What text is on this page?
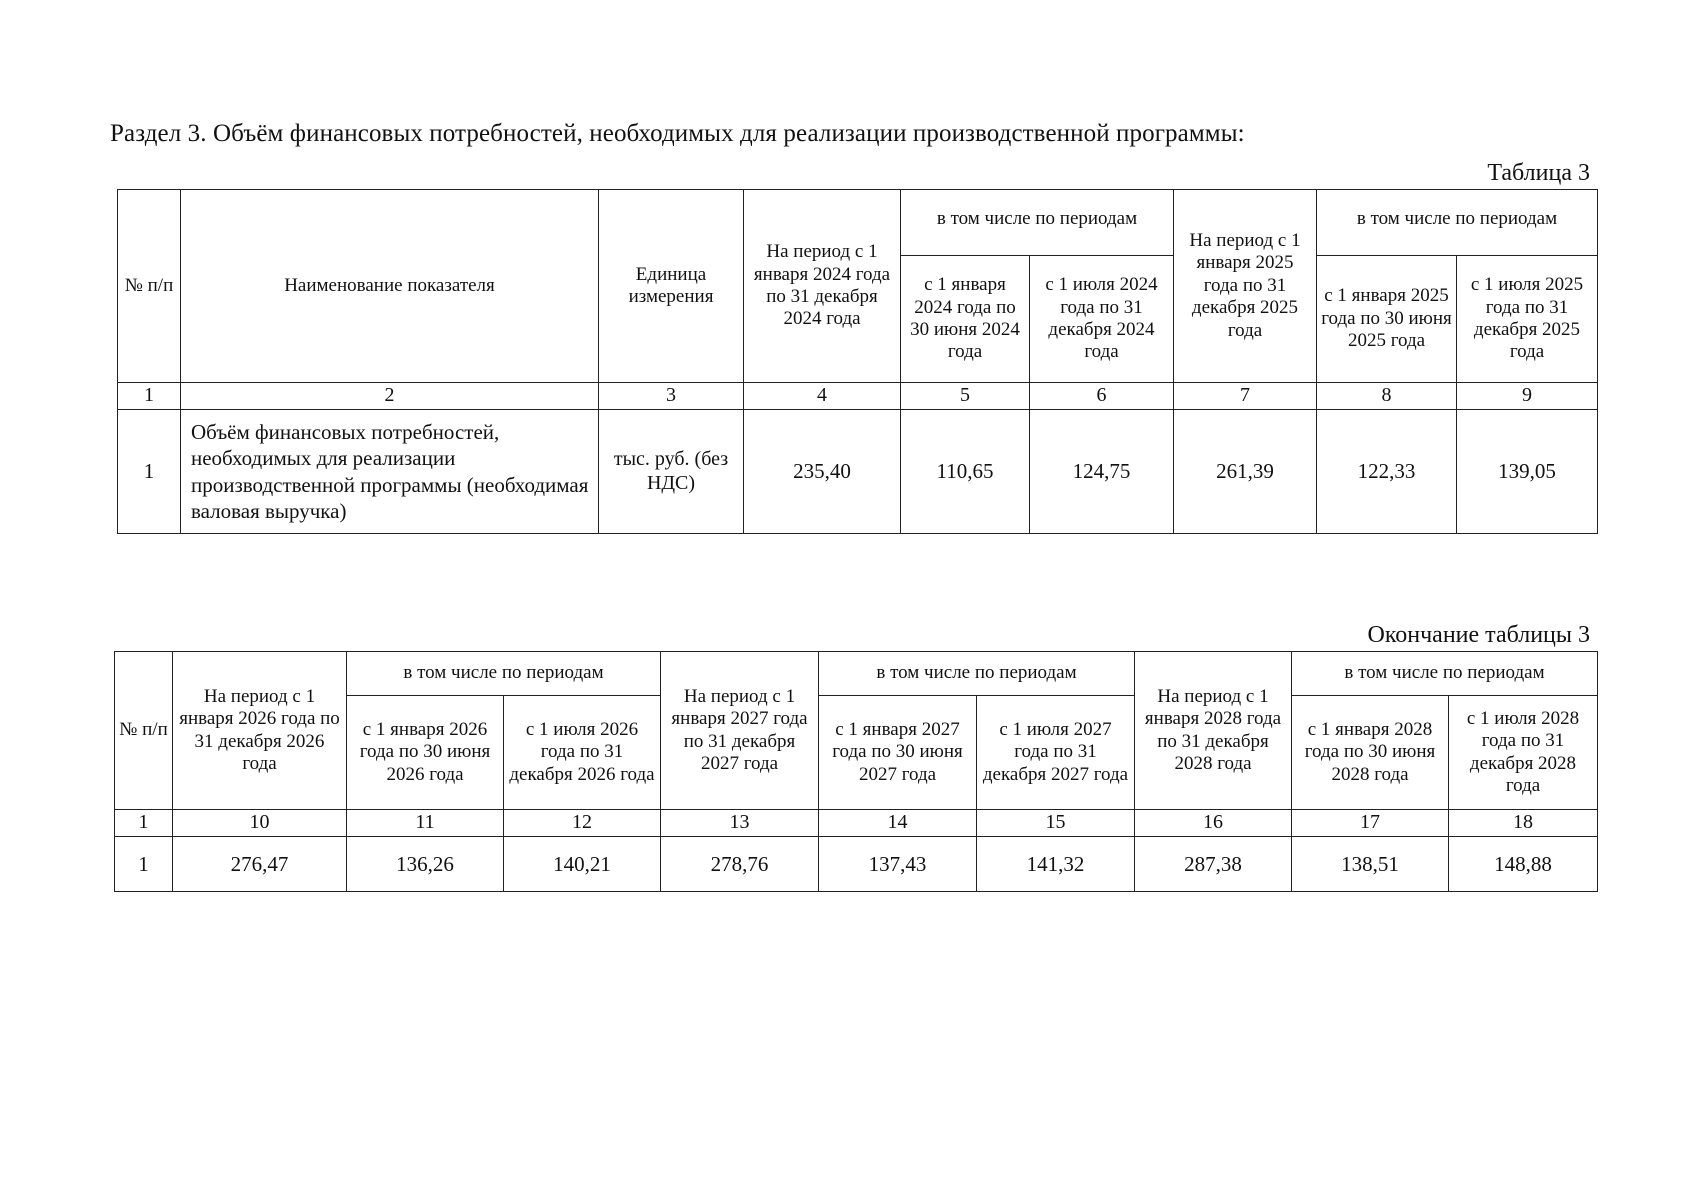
Раздел 3. Объём финансовых потребностей, необходимых для реализации производственной программы:
Таблица 3
№ п/п	Наименование показателя	Единица измерения	На период с 1 января 2024 года по 31 декабря 2024 года	в том числе по периодам		На период с 1 января 2025 года по 31 декабря 2025 года	в том числе по периодам	
				с 1 января 2024 года по 30 июня 2024 года	с 1 июля 2024 года по 31 декабря 2024 года		с 1 января 2025 года по 30 июня 2025 года	с 1 июля 2025 года по 31 декабря 2025 года
1	2	3	4	5	6	7	8	9
1	Объём финансовых потребностей, необходимых для реализации производственной программы (необходимая валовая выручка)	тыс. руб. (без НДС)	235,40	110,65	124,75	261,39	122,33	139,05
Окончание таблицы 3
№ п/п	На период с 1 января 2026 года по 31 декабря 2026 года	в том числе по периодам		На период с 1 января 2027 года по 31 декабря 2027 года	в том числе по периодам		На период с 1 января 2028 года по 31 декабря 2028 года	в том числе по периодам	
		с 1 января 2026 года по 30 июня 2026 года	с 1 июля 2026 года по 31 декабря 2026 года		с 1 января 2027 года по 30 июня 2027 года	с 1 июля 2027 года по 31 декабря 2027 года		с 1 января 2028 года по 30 июня 2028 года	с 1 июля 2028 года по 31 декабря 2028 года
1	10	11	12	13	14	15	16	17	18
1	276,47	136,26	140,21	278,76	137,43	141,32	287,38	138,51	148,88
